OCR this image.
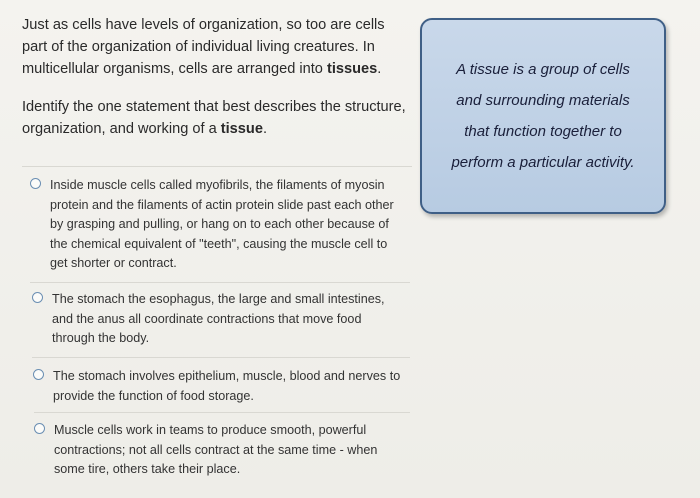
Just as cells have levels of organization, so too are cells part of the organization of individual living creatures. In multicellular organisms, cells are arranged into tissues.
Identify the one statement that best describes the structure, organization, and working of a tissue.
Inside muscle cells called myofibrils, the filaments of myosin protein and the filaments of actin protein slide past each other by grasping and pulling, or hang on to each other because of the chemical equivalent of "teeth", causing the muscle cell to get shorter or contract.
The stomach the esophagus, the large and small intestines, and the anus all coordinate contractions that move food through the body.
The stomach involves epithelium, muscle, blood and nerves to provide the function of food storage.
Muscle cells work in teams to produce smooth, powerful contractions; not all cells contract at the same time - when some tire, others take their place.
A tissue is a group of cells
and surrounding materials
that function together to
perform a particular activity.
